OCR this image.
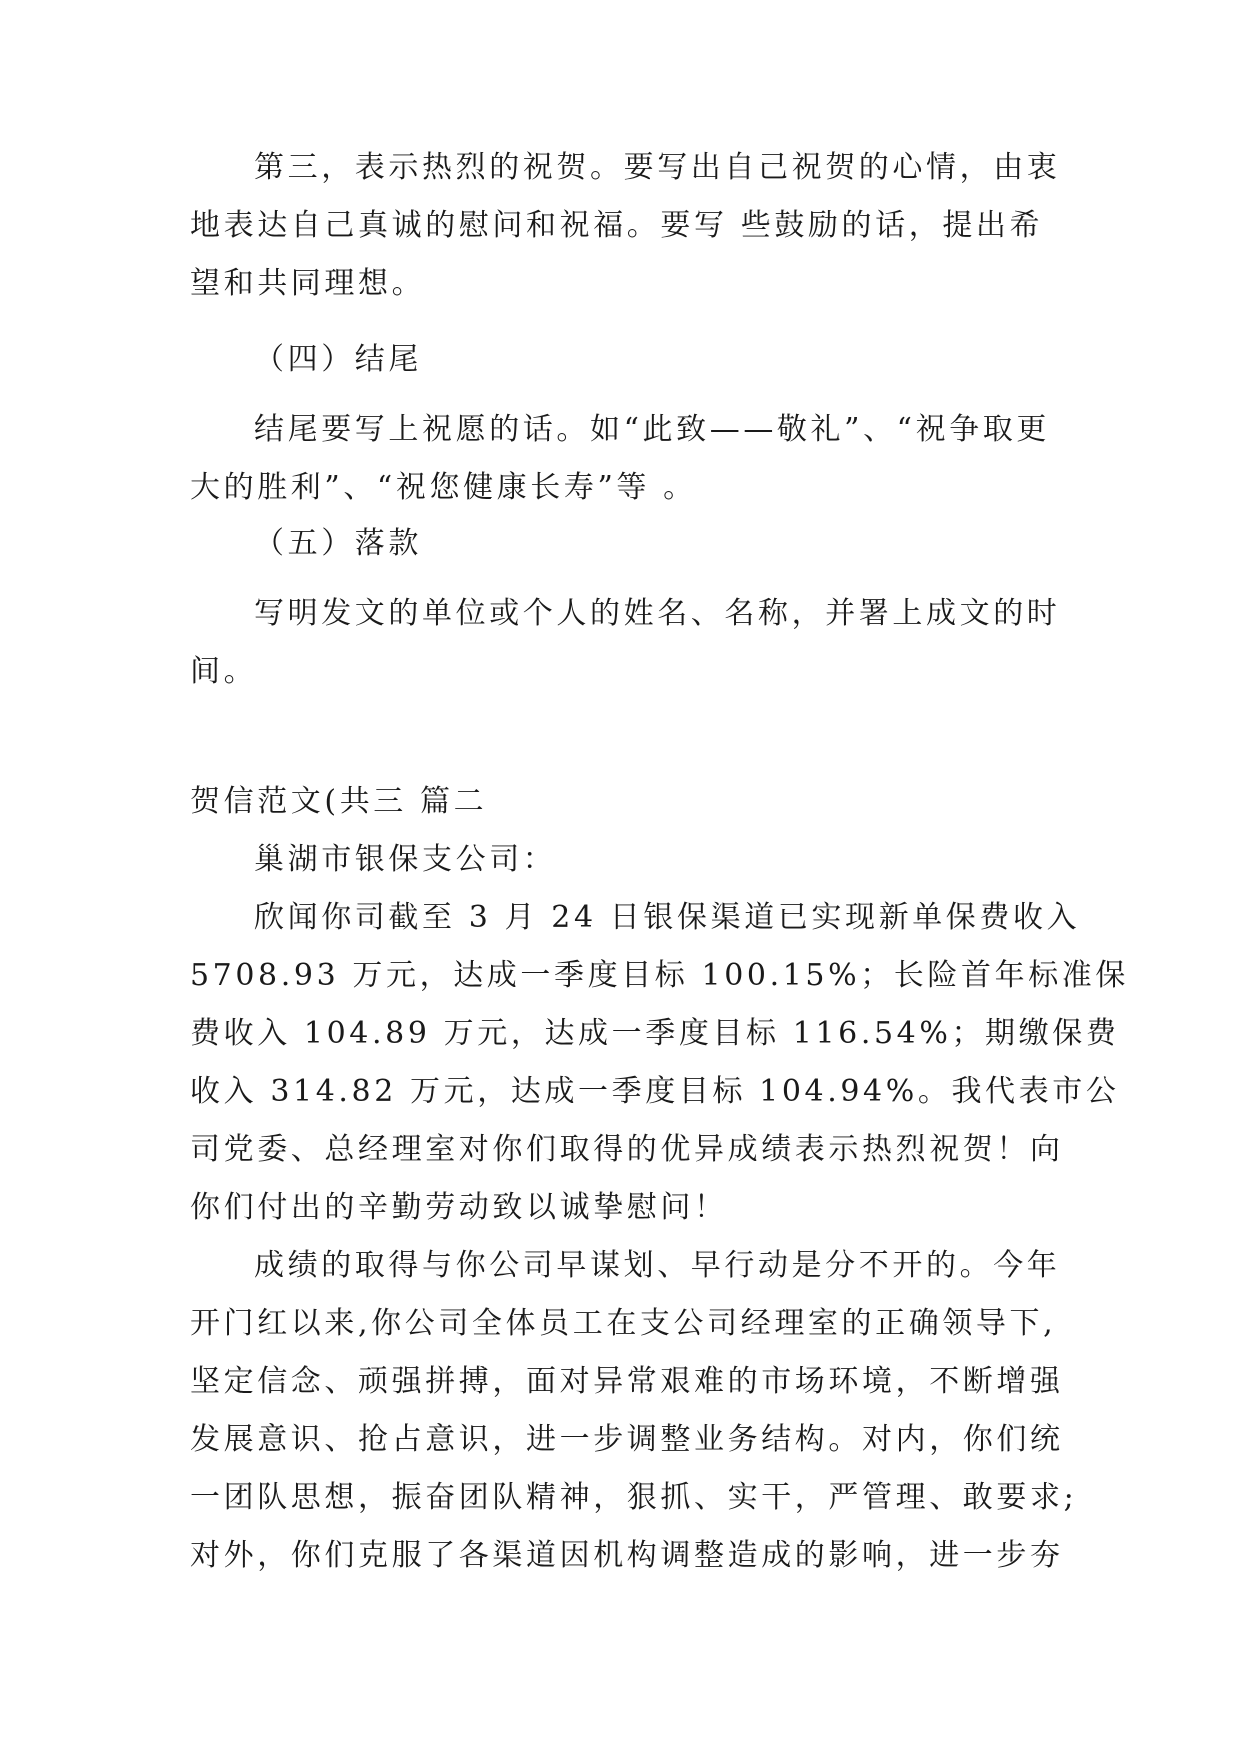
第三，表示热烈的祝贺。要写出自己祝贺的心情，由衷
地表达自己真诚的慰问和祝福。要写 些鼓励的话，提出希
望和共同理想。
（四）结尾
结尾要写上祝愿的话。如“此致——敬礼”、“祝争取更
大的胜利”、“祝您健康长寿”等 。
（五）落款
写明发文的单位或个人的姓名、名称，并署上成文的时
间。
贺信范文(共三 篇二
巢湖市银保支公司：
欣闻你司截至 3 月 24 日银保渠道已实现新单保费收入
5708.93 万元，达成一季度目标 100.15%；长险首年标准保
费收入 104.89 万元，达成一季度目标 116.54%；期缴保费
收入 314.82 万元，达成一季度目标 104.94%。我代表市公
司党委、总经理室对你们取得的优异成绩表示热烈祝贺！向
你们付出的辛勤劳动致以诚挚慰问！
成绩的取得与你公司早谋划、早行动是分不开的。今年
开门红以来,你公司全体员工在支公司经理室的正确领导下,
坚定信念、顽强拼搏，面对异常艰难的市场环境，不断增强
发展意识、抢占意识，进一步调整业务结构。对内，你们统
一团队思想，振奋团队精神，狠抓、实干，严管理、敢要求;
对外，你们克服了各渠道因机构调整造成的影响，进一步夯
